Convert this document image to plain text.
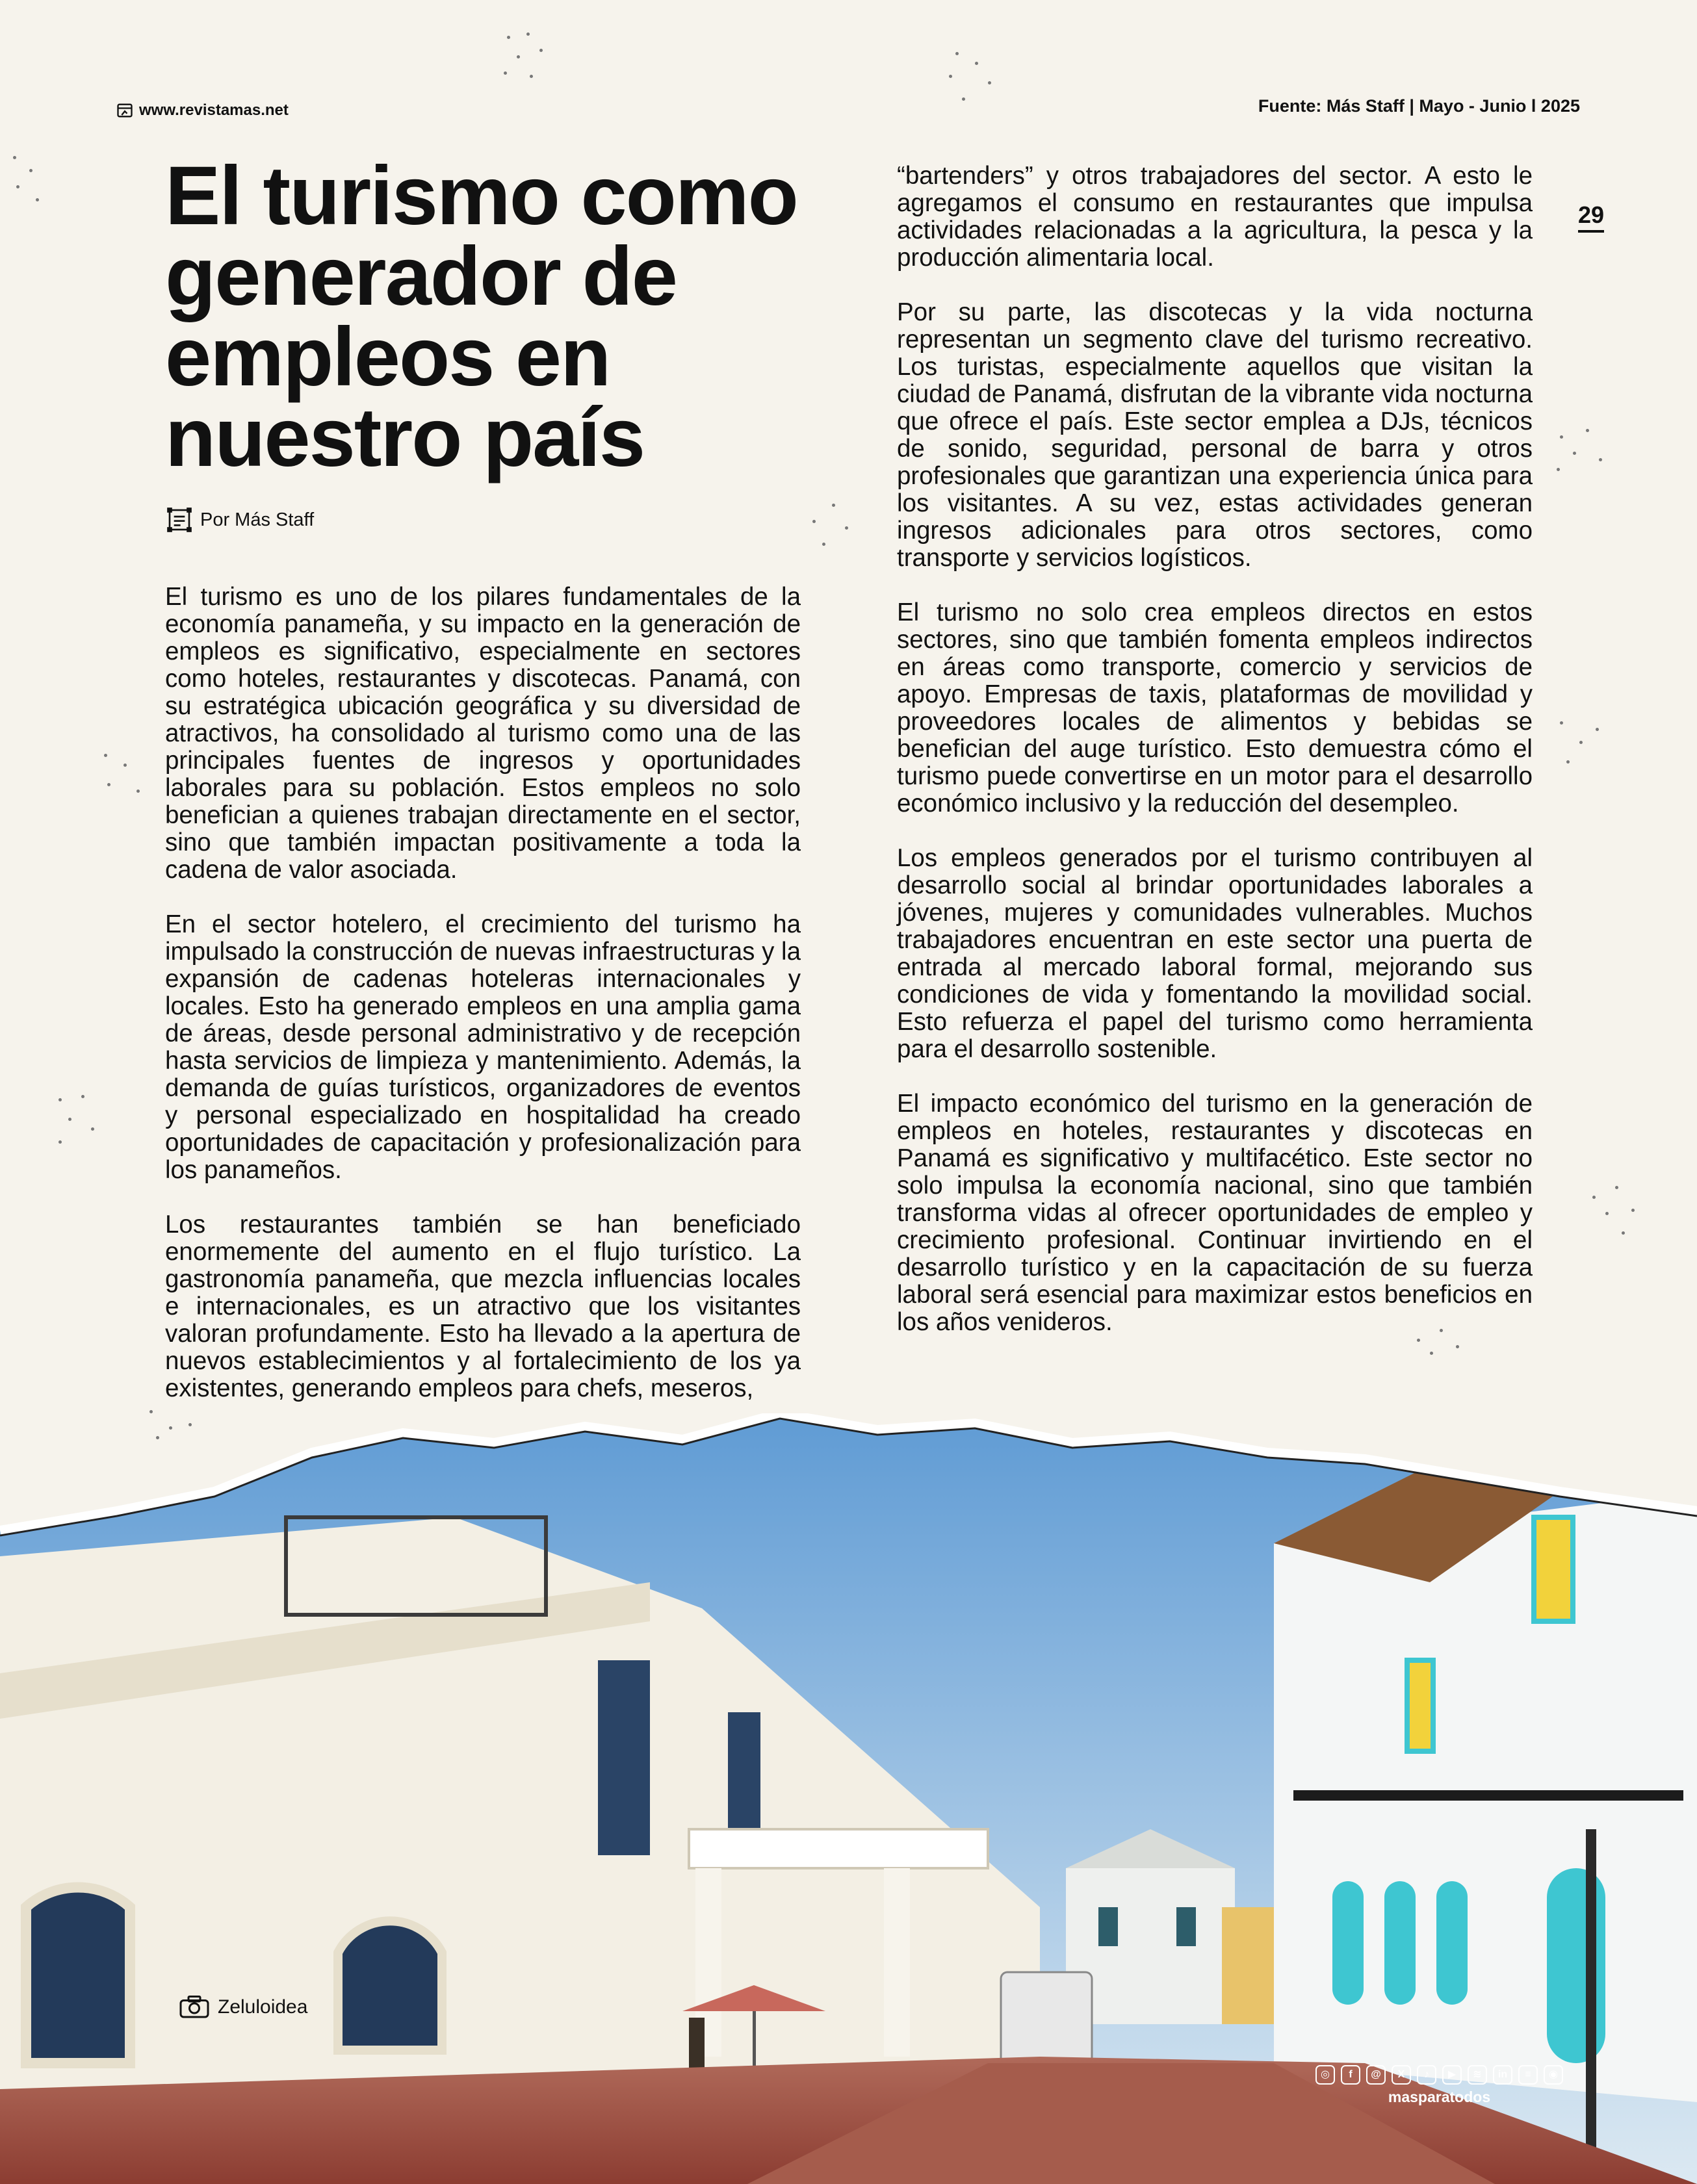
www.revistamas.net	Fuente: Más Staff | Mayo - Junio l 2025
29
El turismo como generador de empleos en nuestro país
Por Más Staff

El turismo es uno de los pilares fundamentales de la economía panameña, y su impacto en la generación de empleos es significativo, especialmente en sectores como hoteles, restaurantes y discotecas. Panamá, con su estratégica ubicación geográfica y su diversidad de atractivos, ha consolidado al turismo como una de las principales fuentes de ingresos y oportunidades laborales para su población. Estos empleos no solo benefician a quienes trabajan directamente en el sector, sino que también impactan positivamente a toda la cadena de valor asociada.

En el sector hotelero, el crecimiento del turismo ha impulsado la construcción de nuevas infraestructuras y la expansión de cadenas hoteleras internacionales y locales. Esto ha generado empleos en una amplia gama de áreas, desde personal administrativo y de recepción hasta servicios de limpieza y mantenimiento. Además, la demanda de guías turísticos, organizadores de eventos y personal especializado en hospitalidad ha creado oportunidades de capacitación y profesionalización para los panameños.

Los restaurantes también se han beneficiado enormemente del aumento en el flujo turístico. La gastronomía panameña, que mezcla influencias locales e internacionales, es un atractivo que los visitantes valoran profundamente. Esto ha llevado a la apertura de nuevos establecimientos y al fortalecimiento de los ya existentes, generando empleos para chefs, meseros,

“bartenders” y otros trabajadores del sector. A esto le agregamos el consumo en restaurantes que impulsa actividades relacionadas a la agricultura, la pesca y la producción alimentaria local.

Por su parte, las discotecas y la vida nocturna representan un segmento clave del turismo recreativo. Los turistas, especialmente aquellos que visitan la ciudad de Panamá, disfrutan de la vibrante vida nocturna que ofrece el país. Este sector emplea a DJs, técnicos de sonido, seguridad, personal de barra y otros profesionales que garantizan una experiencia única para los visitantes. A su vez, estas actividades generan ingresos adicionales para otros sectores, como transporte y servicios logísticos.

El turismo no solo crea empleos directos en estos sectores, sino que también fomenta empleos indirectos en áreas como transporte, comercio y servicios de apoyo. Empresas de taxis, plataformas de movilidad y proveedores locales de alimentos y bebidas se benefician del auge turístico. Esto demuestra cómo el turismo puede convertirse en un motor para el desarrollo económico inclusivo y la reducción del desempleo.

Los empleos generados por el turismo contribuyen al desarrollo social al brindar oportunidades laborales a jóvenes, mujeres y comunidades vulnerables. Muchos trabajadores encuentran en este sector una puerta de entrada al mercado laboral formal, mejorando sus condiciones de vida y fomentando la movilidad social. Esto refuerza el papel del turismo como herramienta para el desarrollo sostenible.

El impacto económico del turismo en la generación de empleos en hoteles, restaurantes y discotecas en Panamá es significativo y multifacético. Este sector no solo impulsa la economía nacional, sino que también transforma vidas al ofrecer oportunidades de empleo y crecimiento profesional. Continuar invirtiendo en el desarrollo turístico y en la capacitación de su fuerza laboral será esencial para maximizar estos beneficios en los años venideros.

Zeluloidea
◎	f	@	X	♪	▶	≋	in	≡	◉
masparatodos
